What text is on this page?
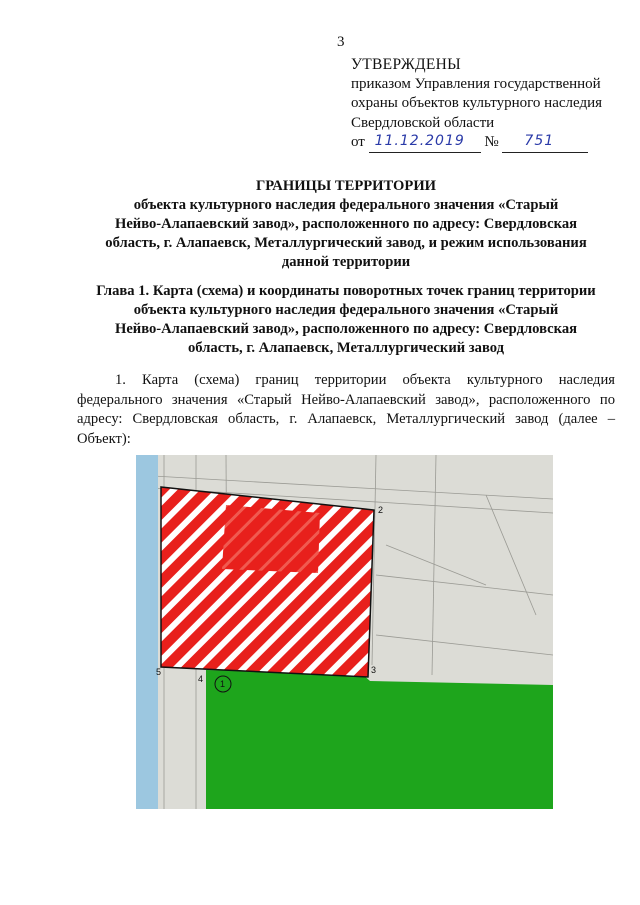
3
УТВЕРЖДЕНЫ
приказом Управления государственной
охраны объектов культурного наследия
Свердловской области
от 11.12.2019 № 751
ГРАНИЦЫ ТЕРРИТОРИИ
объекта культурного наследия федерального значения «Старый
Нейво-Алапаевский завод», расположенного по адресу: Свердловская
область, г. Алапаевск, Металлургический завод, и режим использования
данной территории
Глава 1. Карта (схема) и координаты поворотных точек границ территории
объекта культурного наследия федерального значения «Старый
Нейво-Алапаевский завод», расположенного по адресу: Свердловская
область, г. Алапаевск, Металлургический завод
1. Карта (схема) границ территории объекта культурного наследия федерального значения «Старый Нейво-Алапаевский завод», расположенного по адресу: Свердловская область, г. Алапаевск, Металлургический завод (далее – Объект):
1
2
3
4
5
